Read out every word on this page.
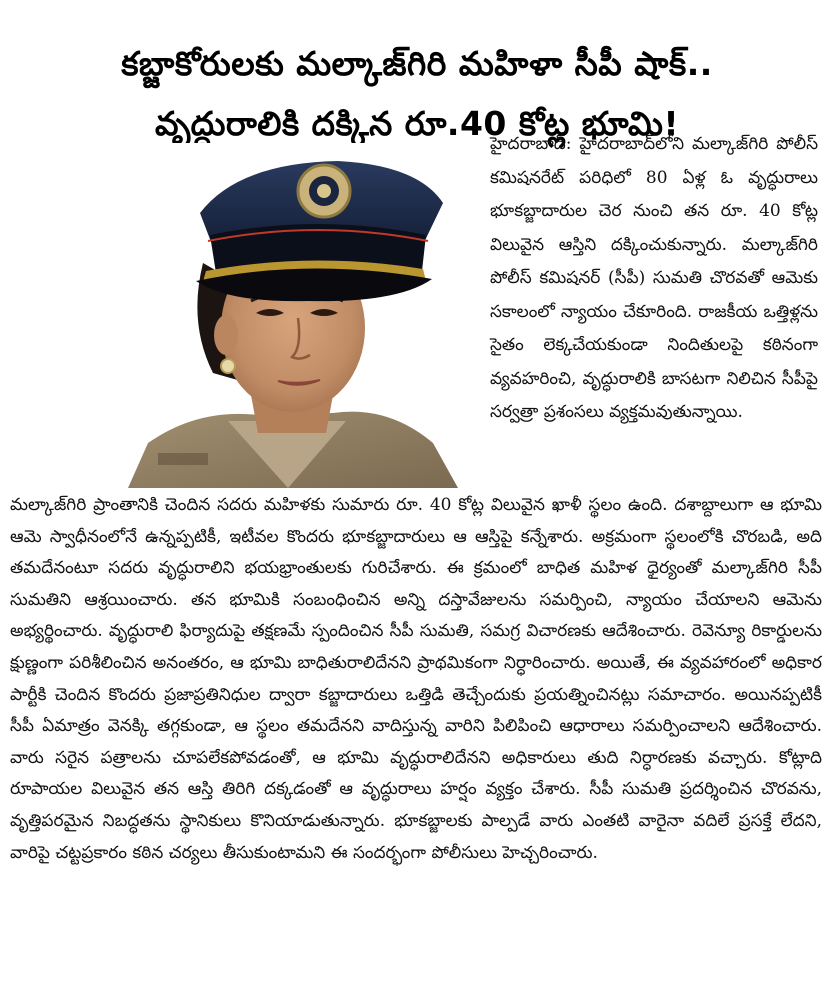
కబ్జాకోరులకు మల్కాజ్‌గిరి మహిళా సీపీ షాక్..
వృద్ధురాలికి దక్కిన రూ.40 కోట్ల భూమి!

హైదరాబాద్: హైదరాబాద్‌లోని మల్కాజ్‌గిరి పోలీస్ కమిషనరేట్ పరిధిలో 80 ఏళ్ల ఓ వృద్ధురాలు భూకబ్జాదారుల చెర నుంచి తన రూ. 40 కోట్ల విలువైన ఆస్తిని దక్కించుకున్నారు. మల్కాజ్‌గిరి పోలీస్ కమిషనర్ (సీపీ) సుమతి చొరవతో ఆమెకు సకాలంలో న్యాయం చేకూరింది. రాజకీయ ఒత్తిళ్లను సైతం లెక్కచేయకుండా నిందితులపై కఠినంగా వ్యవహరించి, వృద్ధురాలికి బాసటగా నిలిచిన సీపీపై సర్వత్రా ప్రశంసలు వ్యక్తమవుతున్నాయి.

మల్కాజ్‌గిరి ప్రాంతానికి చెందిన సదరు మహిళకు సుమారు రూ. 40 కోట్ల విలువైన ఖాళీ స్థలం ఉంది. దశాబ్దాలుగా ఆ భూమి ఆమె స్వాధీనంలోనే ఉన్నప్పటికీ, ఇటీవల కొందరు భూకబ్జాదారులు ఆ ఆస్తిపై కన్నేశారు. అక్రమంగా స్థలంలోకి చొరబడి, అది తమదేనంటూ సదరు వృద్ధురాలిని భయభ్రాంతులకు గురిచేశారు. ఈ క్రమంలో బాధిత మహిళ ధైర్యంతో మల్కాజ్‌గిరి సీపీ సుమతిని ఆశ్రయించారు. తన భూమికి సంబంధించిన అన్ని దస్తావేజులను సమర్పించి, న్యాయం చేయాలని ఆమెను అభ్యర్థించారు. వృద్ధురాలి ఫిర్యాదుపై తక్షణమే స్పందించిన సీపీ సుమతి, సమగ్ర విచారణకు ఆదేశించారు. రెవెన్యూ రికార్డులను క్షుణ్ణంగా పరిశీలించిన అనంతరం, ఆ భూమి బాధితురాలిదేనని ప్రాథమికంగా నిర్ధారించారు. అయితే, ఈ వ్యవహారంలో అధికార పార్టీకి చెందిన కొందరు ప్రజాప్రతినిధుల ద్వారా కబ్జాదారులు ఒత్తిడి తెచ్చేందుకు ప్రయత్నించినట్లు సమాచారం. అయినప్పటికీ సీపీ ఏమాత్రం వెనక్కి తగ్గకుండా, ఆ స్థలం తమదేనని వాదిస్తున్న వారిని పిలిపించి ఆధారాలు సమర్పించాలని ఆదేశించారు. వారు సరైన పత్రాలను చూపలేకపోవడంతో, ఆ భూమి వృద్ధురాలిదేనని అధికారులు తుది నిర్ధారణకు వచ్చారు. కోట్లాది రూపాయల విలువైన తన ఆస్తి తిరిగి దక్కడంతో ఆ వృద్ధురాలు హర్షం వ్యక్తం చేశారు. సీపీ సుమతి ప్రదర్శించిన చొరవను, వృత్తిపరమైన నిబద్ధతను స్థానికులు కొనియాడుతున్నారు. భూకబ్జాలకు పాల్పడే వారు ఎంతటి వారైనా వదిలే ప్రసక్తే లేదని, వారిపై చట్టప్రకారం కఠిన చర్యలు తీసుకుంటామని ఈ సందర్భంగా పోలీసులు హెచ్చరించారు.
